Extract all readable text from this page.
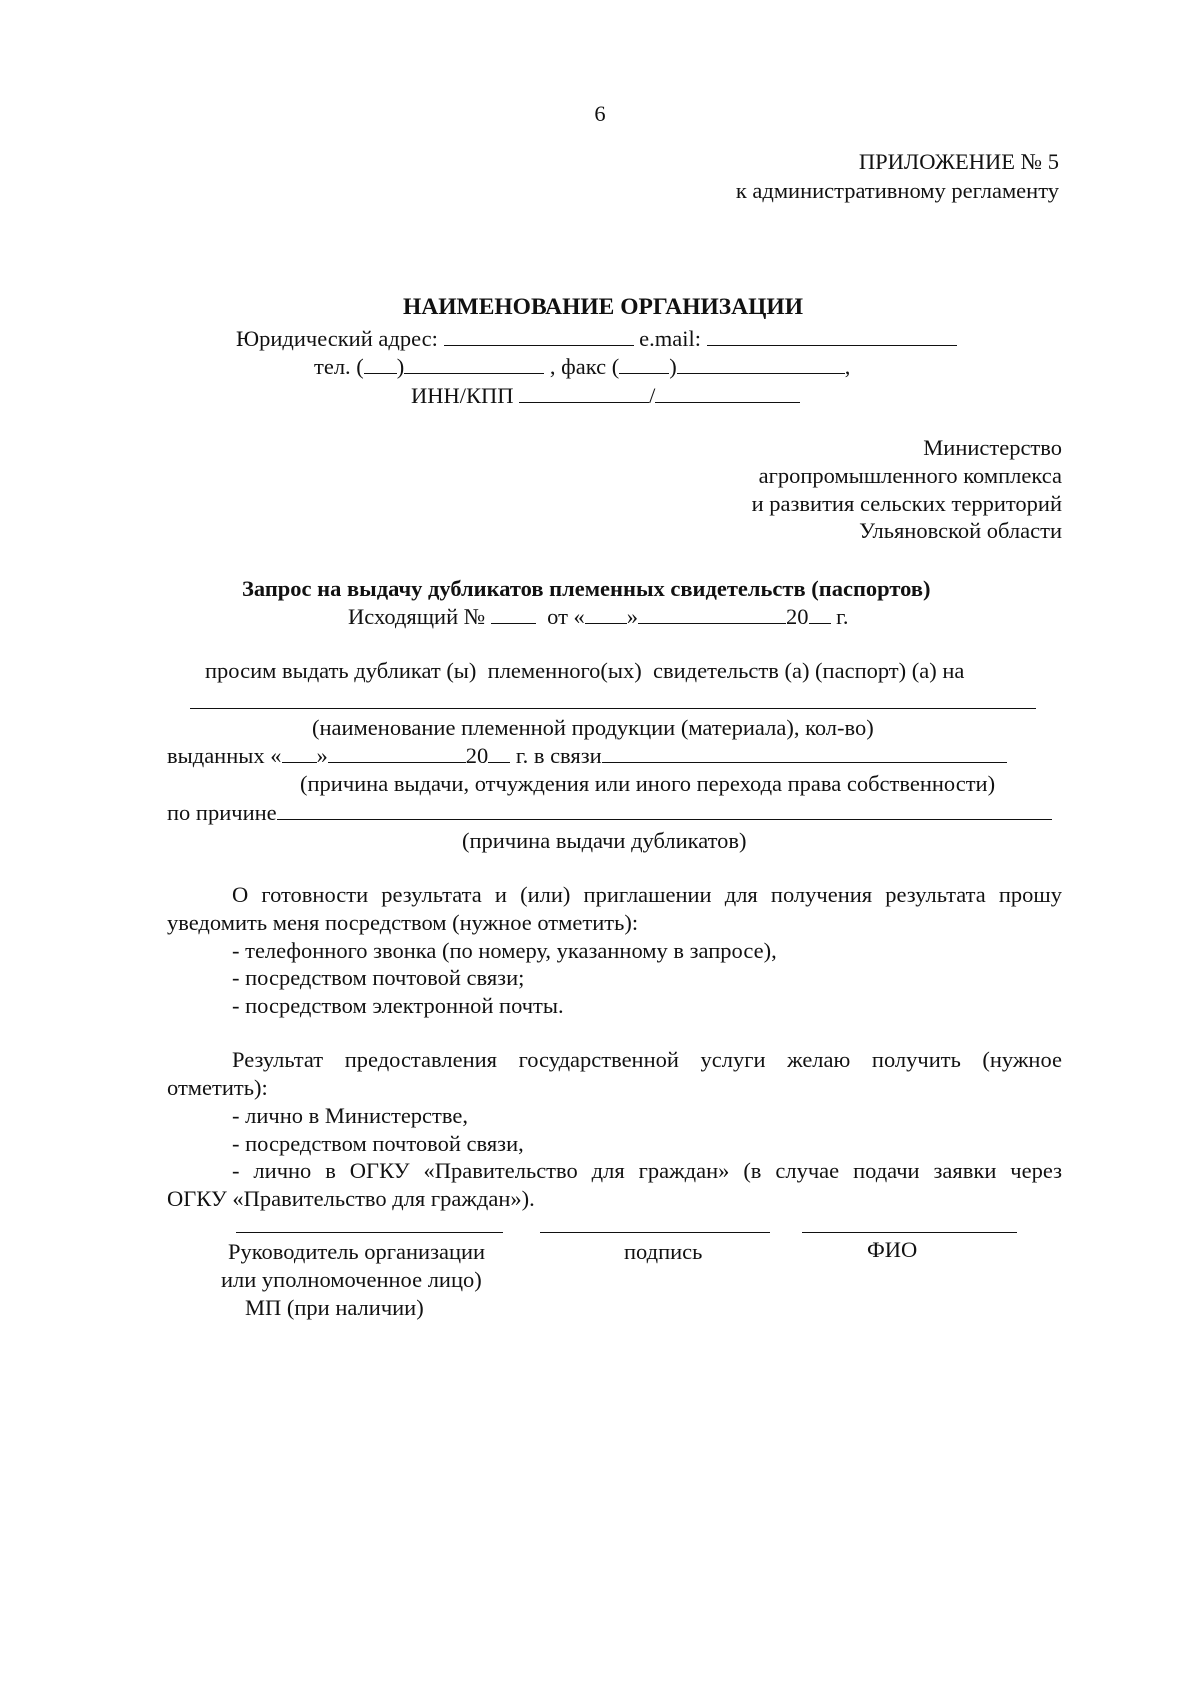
6
ПРИЛОЖЕНИЕ № 5
к административному регламенту
НАИМЕНОВАНИЕ ОРГАНИЗАЦИИ
Юридический адрес:	e.mail:
тел. ( )	, факс ( )	,
ИНН/КПП	/
Министерство
агропромышленного комплекса
и развития сельских территорий
Ульяновской области
Запрос на выдачу дубликатов племенных свидетельств (паспортов)
Исходящий №	от « »	20 г.
просим выдать дубликат (ы)  племенного(ых)  свидетельств (а) (паспорт) (а) на
(наименование племенной продукции (материала), кол-во)
выданных « »	20 г. в связи
(причина выдачи, отчуждения или иного перехода права собственности)
по причине
(причина выдачи дубликатов)
О готовности результата и (или) приглашении для получения результата прошу
уведомить меня посредством (нужное отметить):
- телефонного звонка (по номеру, указанному в запросе),
- посредством почтовой связи;
- посредством электронной почты.
Результат предоставления государственной услуги желаю получить (нужное
отметить):
- лично в Министерстве,
- посредством почтовой связи,
- лично в ОГКУ «Правительство для граждан» (в случае подачи заявки через
ОГКУ «Правительство для граждан»).
Руководитель организации	подпись	ФИО
или уполномоченное лицо)
МП (при наличии)
